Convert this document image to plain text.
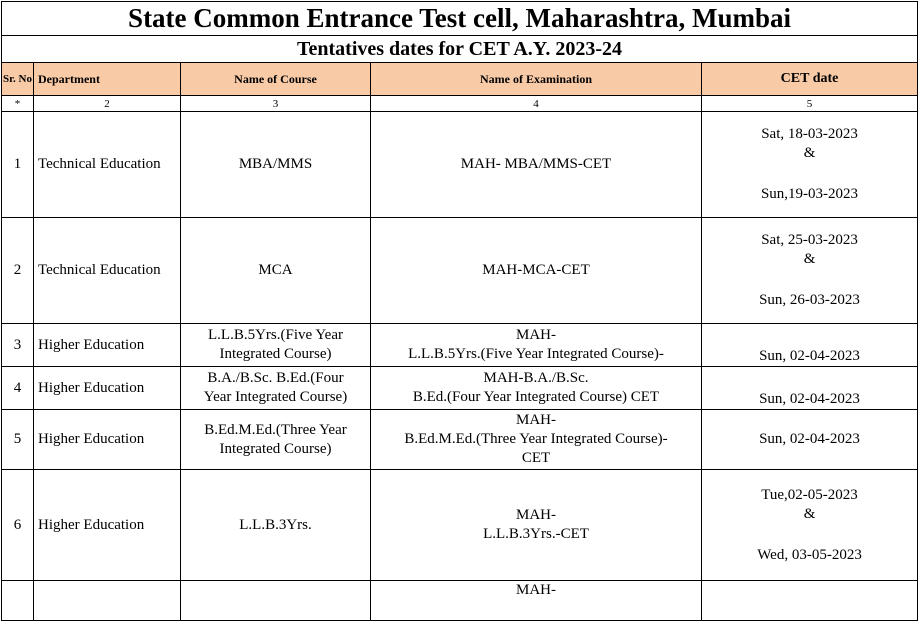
State Common Entrance Test cell, Maharashtra, Mumbai				
Tentatives dates for CET A.Y. 2023-24				
Sr. No	Department	Name of Course	Name of Examination	CET date
*	2	3	4	5
1	Technical Education	MBA/MMS	MAH- MBA/MMS-CET	Sat, 18-03-2023
&
Sun,19-03-2023

2	Technical Education	MCA	MAH-MCA-CET	Sat, 25-03-2023
&
Sun, 26-03-2023

3	Higher Education	L.L.B.5Yrs.(Five Year
Integrated Course)	MAH-
L.L.B.5Yrs.(Five Year Integrated Course)-	Sun, 02-04-2023
4	Higher Education	B.A./B.Sc. B.Ed.(Four
Year Integrated Course)	MAH-B.A./B.Sc.
B.Ed.(Four Year Integrated Course) CET	Sun, 02-04-2023
5	Higher Education	B.Ed.M.Ed.(Three Year
Integrated Course)	MAH-
B.Ed.M.Ed.(Three Year Integrated Course)-
CET	Sun, 02-04-2023
6	Higher Education	L.L.B.3Yrs.	MAH-
L.L.B.3Yrs.-CET	Tue,02-05-2023
&
Wed, 03-05-2023

			MAH-	
